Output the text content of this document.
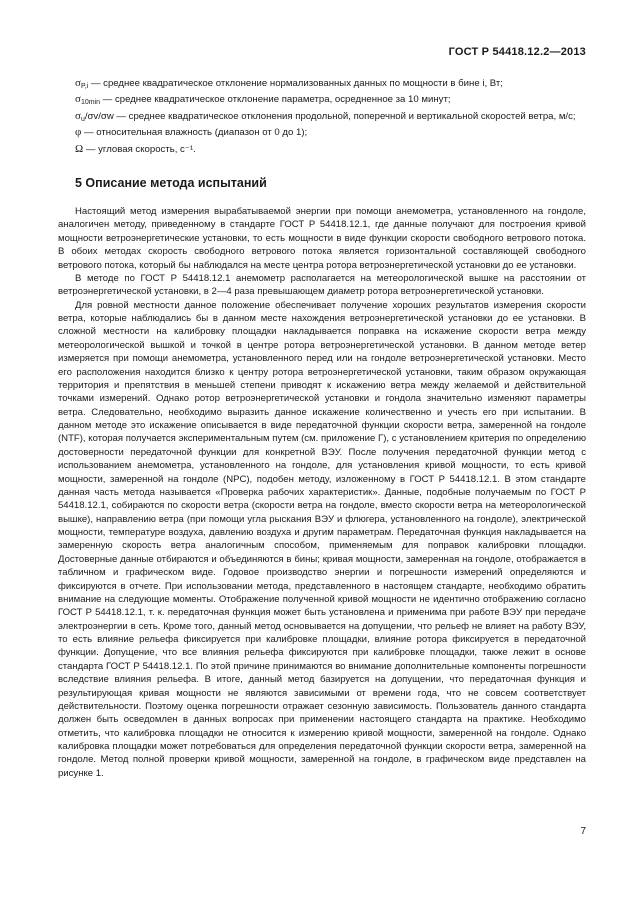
ГОСТ Р 54418.12.2—2013

$\sigma_{P,i}$ — среднее квадратическое отклонение нормализованных данных по мощности в бине i, Вт;

$\sigma_{10min}$ — среднее квадратическое отклонение параметра, осредненное за 10 минут;

$\sigma_u/\sigma v/\sigma w$ — среднее квадратическое отклонения продольной, поперечной и вертикальной скоростей ветра, м/с;

φ — относительная влажность (диапазон от 0 до 1);

Ω — угловая скорость, с⁻¹.

5 Описание метода испытаний

Настоящий метод измерения вырабатываемой энергии при помощи анемометра, установленного на гондоле, аналогичен методу, приведенному в стандарте ГОСТ Р 54418.12.1, где данные получают для построения кривой мощности ветроэнергетические установки, то есть мощности в виде функции скорости свободного ветрового потока. В обоих методах скорость свободного ветрового потока является горизонтальной составляющей свободного ветрового потока, который бы наблюдался на месте центра ротора ветроэнергетической установки до ее установки.

В методе по ГОСТ Р 54418.12.1 анемометр располагается на метеорологической вышке на расстоянии от ветроэнергетической установки, в 2—4 раза превышающем диаметр ротора ветроэнергетической установки.

Для ровной местности данное положение обеспечивает получение хороших результатов измерения скорости ветра, которые наблюдались бы в данном месте нахождения ветроэнергетической установки до ее установки. В сложной местности на калибровку площадки накладывается поправка на искажение скорости ветра между метеорологической вышкой и точкой в центре ротора ветроэнергетической установки. В данном методе ветер измеряется при помощи анемометра, установленного перед или на гондоле ветроэнергетической установки. Место его расположения находится близко к центру ротора ветроэнергетической установки, таким образом окружающая территория и препятствия в меньшей степени приводят к искажению ветра между желаемой и действительной точками измерений. Однако ротор ветроэнергетической установки и гондола значительно изменяют параметры ветра. Следовательно, необходимо выразить данное искажение количественно и учесть его при испытании. В данном методе это искажение описывается в виде передаточной функции скорости ветра, замеренной на гондоле (NTF), которая получается экспериментальным путем (см. приложение Г), с установлением критерия по определению достоверности передаточной функции для конкретной ВЭУ. После получения передаточной функции метод с использованием анемометра, установленного на гондоле, для установления кривой мощности, то есть кривой мощности, замеренной на гондоле (NPC), подобен методу, изложенному в ГОСТ Р 54418.12.1. В этом стандарте данная часть метода называется «Проверка рабочих характеристик». Данные, подобные получаемым по ГОСТ Р 54418.12.1, собираются по скорости ветра (скорости ветра на гондоле, вместо скорости ветра на метеорологической вышке), направлению ветра (при помощи угла рыскания ВЭУ и флюгера, установленного на гондоле), электрической мощности, температуре воздуха, давлению воздуха и другим параметрам. Передаточная функция накладывается на замеренную скорость ветра аналогичным способом, применяемым для поправок калибровки площадки. Достоверные данные отбираются и объединяются в бины; кривая мощности, замеренная на гондоле, отображается в табличном и графическом виде. Годовое производство энергии и погрешности измерений определяются и фиксируются в отчете. При использовании метода, представленного в настоящем стандарте, необходимо обратить внимание на следующие моменты. Отображение полученной кривой мощности не идентично отображению согласно ГОСТ Р 54418.12.1, т. к. передаточная функция может быть установлена и применима при работе ВЭУ при передаче электроэнергии в сеть. Кроме того, данный метод основывается на допущении, что рельеф не влияет на работу ВЭУ, то есть влияние рельефа фиксируется при калибровке площадки, влияние ротора фиксируется в передаточной функции. Допущение, что все влияния рельефа фиксируются при калибровке площадки, также лежит в основе стандарта ГОСТ Р 54418.12.1. По этой причине принимаются во внимание дополнительные компоненты погрешности вследствие влияния рельефа. В итоге, данный метод базируется на допущении, что передаточная функция и результирующая кривая мощности не являются зависимыми от времени года, что не совсем соответствует действительности. Поэтому оценка погрешности отражает сезонную зависимость. Пользователь данного стандарта должен быть осведомлен в данных вопросах при применении настоящего стандарта на практике. Необходимо отметить, что калибровка площадки не относится к измерению кривой мощности, замеренной на гондоле. Однако калибровка площадки может потребоваться для определения передаточной функции скорости ветра, замеренной на гондоле. Метод полной проверки кривой мощности, замеренной на гондоле, в графическом виде представлен на рисунке 1.

7
